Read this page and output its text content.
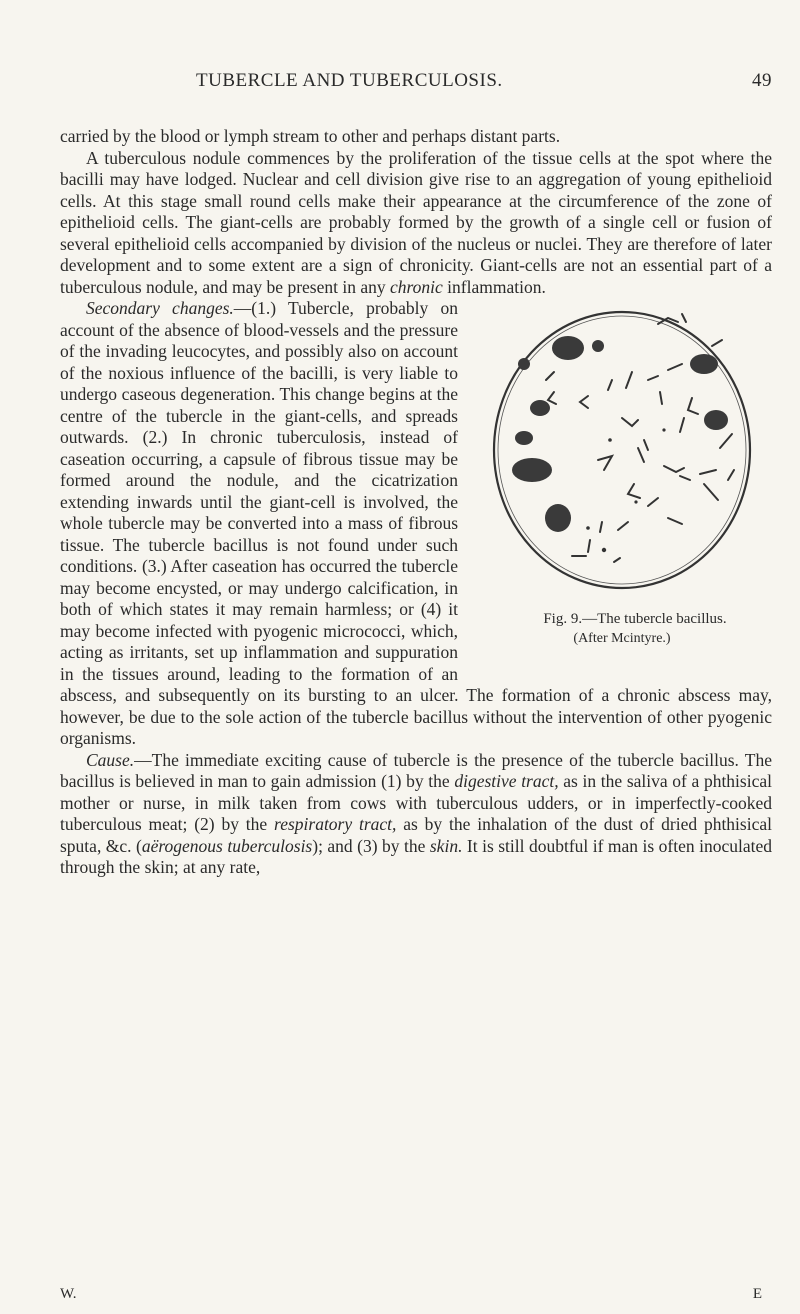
TUBERCLE AND TUBERCULOSIS.	49

carried by the blood or lymph stream to other and perhaps distant parts.

A tuberculous nodule commences by the proliferation of the tissue cells at the spot where the bacilli may have lodged. Nuclear and cell division give rise to an aggregation of young epithelioid cells. At this stage small round cells make their appearance at the circumference of the zone of epithelioid cells. The giant-cells are probably formed by the growth of a single cell or fusion of several epithelioid cells accompanied by division of the nucleus or nuclei. They are therefore of later development and to some extent are a sign of chronicity. Giant-cells are not an essential part of a tuberculous nodule, and may be present in any chronic inflammation.

Fig. 9.—The tubercle bacillus.
(After Mcintyre.)
Secondary changes.—(1.) Tubercle, probably on account of the absence of blood-vessels and the pressure of the invading leucocytes, and possibly also on account of the noxious influence of the bacilli, is very liable to undergo caseous degeneration. This change begins at the centre of the tubercle in the giant-cells, and spreads outwards. (2.) In chronic tuberculosis, instead of caseation occurring, a capsule of fibrous tissue may be formed around the nodule, and the cicatrization extending inwards until the giant-cell is involved, the whole tubercle may be converted into a mass of fibrous tissue. The tubercle bacillus is not found under such conditions. (3.) After caseation has occurred the tubercle may become encysted, or may undergo calcification, in both of which states it may remain harmless; or (4) it may become infected with pyogenic micrococci, which, acting as irritants, set up inflammation and suppuration in the tissues around, leading to the formation of an abscess, and subsequently on its bursting to an ulcer. The formation of a chronic abscess may, however, be due to the sole action of the tubercle bacillus without the intervention of other pyogenic organisms.

Cause.—The immediate exciting cause of tubercle is the presence of the tubercle bacillus. The bacillus is believed in man to gain admission (1) by the digestive tract, as in the saliva of a phthisical mother or nurse, in milk taken from cows with tuberculous udders, or in imperfectly-cooked tuberculous meat; (2) by the respiratory tract, as by the inhalation of the dust of dried phthisical sputa, &c. (aërogenous tuberculosis); and (3) by the skin. It is still doubtful if man is often inoculated through the skin; at any rate,

W.	E
